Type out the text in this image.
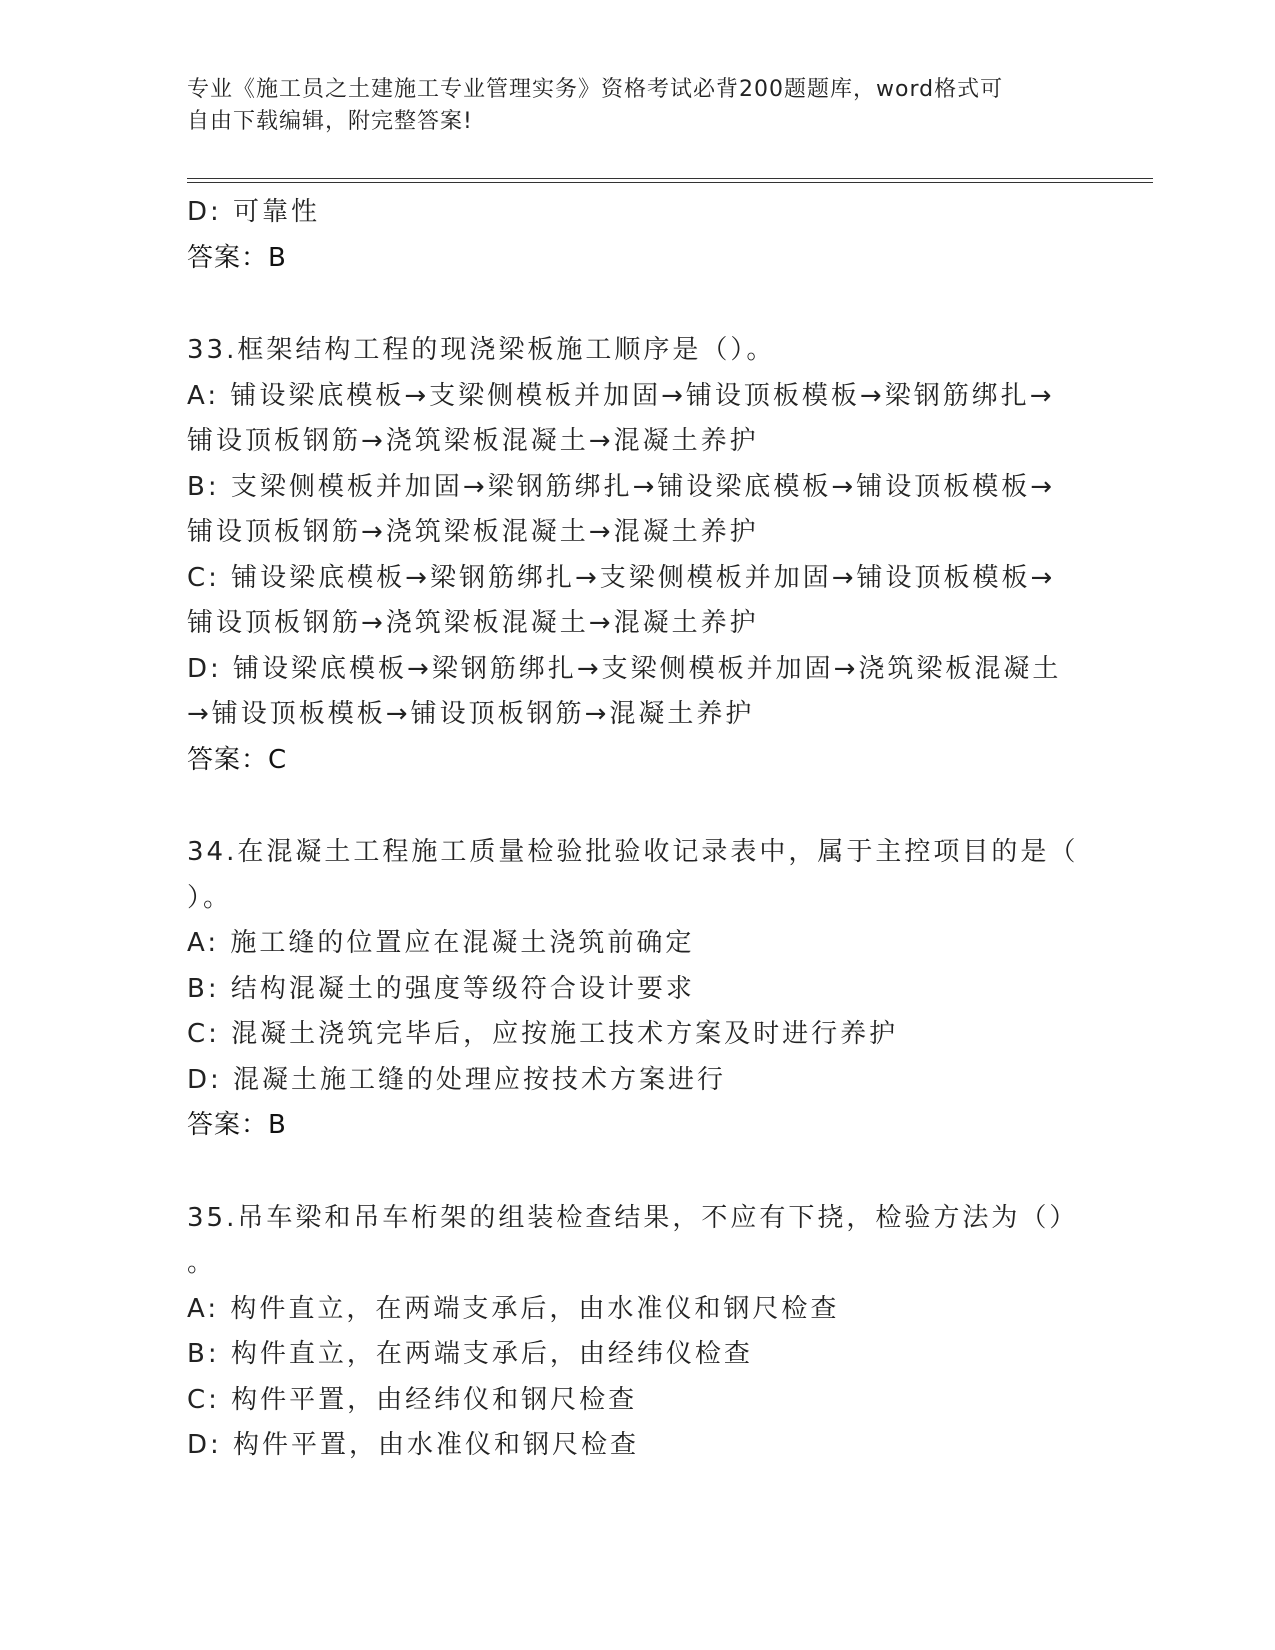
专业《施工员之土建施工专业管理实务》资格考试必背200题题库，word格式可
自由下载编辑，附完整答案!
D: 可靠性
答案：B
33.框架结构工程的现浇梁板施工顺序是（）。
A: 铺设梁底模板→支梁侧模板并加固→铺设顶板模板→梁钢筋绑扎→
铺设顶板钢筋→浇筑梁板混凝土→混凝土养护
B: 支梁侧模板并加固→梁钢筋绑扎→铺设梁底模板→铺设顶板模板→
铺设顶板钢筋→浇筑梁板混凝土→混凝土养护
C: 铺设梁底模板→梁钢筋绑扎→支梁侧模板并加固→铺设顶板模板→
铺设顶板钢筋→浇筑梁板混凝土→混凝土养护
D: 铺设梁底模板→梁钢筋绑扎→支梁侧模板并加固→浇筑梁板混凝土
→铺设顶板模板→铺设顶板钢筋→混凝土养护
答案：C
34.在混凝土工程施工质量检验批验收记录表中，属于主控项目的是（
）。
A: 施工缝的位置应在混凝土浇筑前确定
B: 结构混凝土的强度等级符合设计要求
C: 混凝土浇筑完毕后，应按施工技术方案及时进行养护
D: 混凝土施工缝的处理应按技术方案进行
答案：B
35.吊车梁和吊车桁架的组装检查结果，不应有下挠，检验方法为（）
。
A: 构件直立，在两端支承后，由水准仪和钢尺检查
B: 构件直立，在两端支承后，由经纬仪检查
C: 构件平置，由经纬仪和钢尺检查
D: 构件平置，由水准仪和钢尺检查
